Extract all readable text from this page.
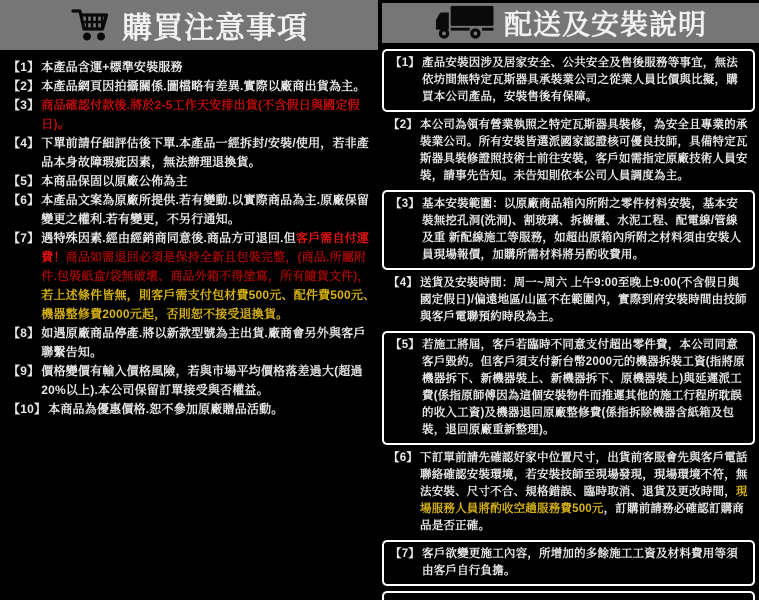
購買注意事項
【1】 本產品含運+標準安裝服務
【2】 本產品網頁因拍攝關係.圖檔略有差異.實際以廠商出貨為主。
【3】 商品確認付款後.將於2-5工作天安排出貨(不含假日與國定假日)。
【4】 下單前請仔細評估後下單.本產品一經拆封/安裝/使用，若非產品本身故障瑕疵因素，無法辦理退換貨。
【5】 本商品保固以原廠公佈為主
【6】 本產品文案為原廠所提供.若有變動.以實際商品為主.原廠保留變更之權利.若有變更，不另行通知。
【7】 遇特殊因素.經由經銷商同意後.商品方可退回.但客戶需自付運費！商品如需退回必須是保持全新且包裝完整，(商品.所屬附件.包裝紙盒/袋無破壞、商品外箱不得塗寫，所有隨貨文件)，若上述條件皆無，則客戶需支付包材費500元、配件費500元、機器整修費2000元起，否則恕不接受退換貨。
【8】 如遇原廠商品停產.將以新款型號為主出貨.廠商會另外與客戶聯繫告知。
【9】 價格變價有輸入價格風險，若與市場平均價格落差過大(超過20%以上).本公司保留訂單接受與否權益。
【10】 本商品為優惠價格.恕不參加原廠贈品活動。
配送及安裝說明
【1】 產品安裝因涉及居家安全、公共安全及售後服務等事宜，無法依坊間無特定瓦斯器具承裝業公司之從業人員比價與比擬，購買本公司產品，安裝售後有保障。
【2】 本公司為領有營業執照之特定瓦斯器具裝修，為安全且專業的承裝業公司。所有安裝皆選派國家認證核可優良技師，具備特定瓦斯器具裝修證照技術士前往安裝，客戶如需指定原廠技術人員安裝，請事先告知。未告知則依本公司人員調度為主。
【3】 基本安裝範圍：以原廠商品箱內所附之零件材料安裝，基本安裝無挖孔洞(洗洞)、割玻璃、拆櫥櫃、水泥工程、配電線/管線及重 新配線施工等服務，如超出原箱內所附之材料須由安裝人員現場報價，加購所需材料將另酌收費用。
【4】 送貨及安裝時間：周一~周六 上午9:00至晚上9:00(不含假日與國定假日)/偏遠地區/山區不在範圍內，實際到府安裝時間由技師與客戶電聯預約時段為主。
【5】 若施工將屆，客戶若臨時不同意支付超出零件費，本公司同意客戶毀約。但客戶須支付新台幣2000元的機器拆裝工資(指將原機器拆下、新機器裝上、新機器拆下、原機器裝上)與延遲派工費(係指原師傅因為這個安裝物件而推遲其他的施工行程所耽誤的收入工資)及機器退回原廠整修費(係指拆除機器含紙箱及包裝，退回原廠重新整理)。
【6】 下訂單前請先確認好家中位置尺寸，出貨前客服會先與客戶電話聯絡確認安裝環境，若安裝技師至現場發現，現場環境不符，無法安裝、尺寸不合、規格錯誤、臨時取消、退貨及更改時間，現場服務人員將酌收空趟服務費500元，訂購前請務必確認訂購商品是否正確。
【7】 客戶欲變更施工內容，所增加的多餘施工工資及材料費用等須由客戶自行負擔。
